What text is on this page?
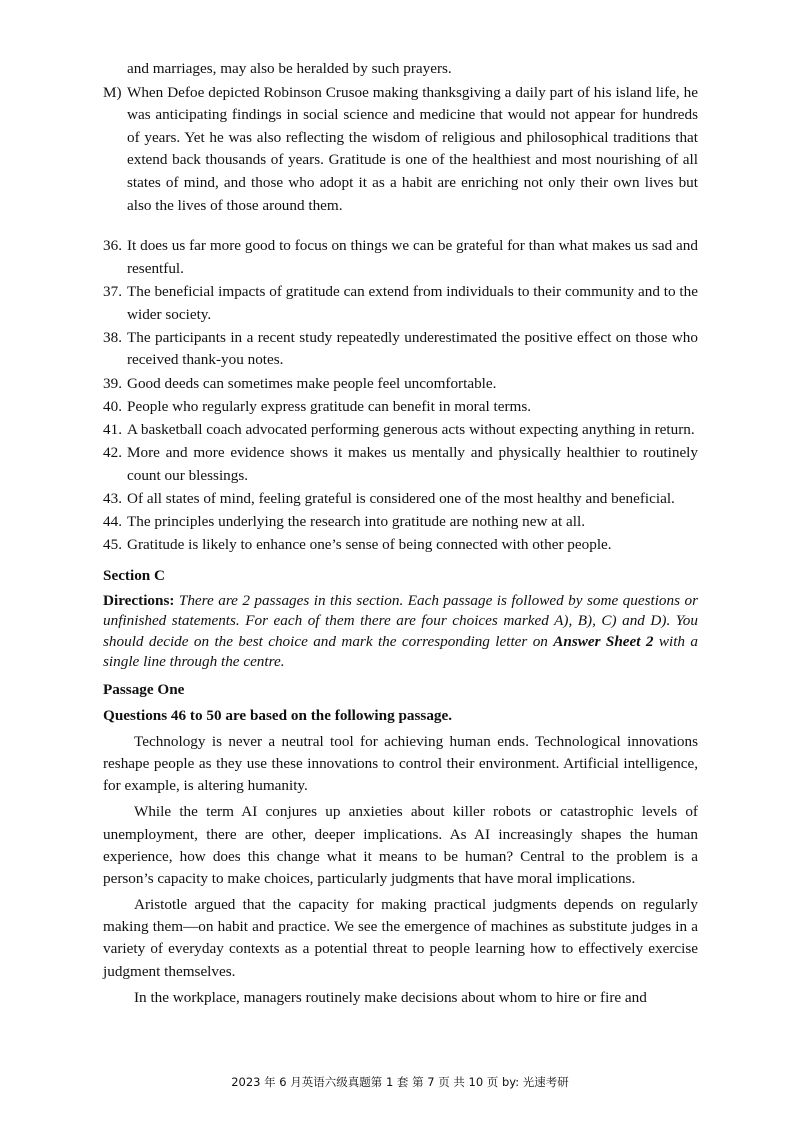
and marriages, may also be heralded by such prayers.

M) When Defoe depicted Robinson Crusoe making thanksgiving a daily part of his island life, he was anticipating findings in social science and medicine that would not appear for hundreds of years. Yet he was also reflecting the wisdom of religious and philosophical traditions that extend back thousands of years. Gratitude is one of the healthiest and most nourishing of all states of mind, and those who adopt it as a habit are enriching not only their own lives but also the lives of those around them.
36. It does us far more good to focus on things we can be grateful for than what makes us sad and resentful.
37. The beneficial impacts of gratitude can extend from individuals to their community and to the wider society.
38. The participants in a recent study repeatedly underestimated the positive effect on those who received thank-you notes.
39. Good deeds can sometimes make people feel uncomfortable.
40. People who regularly express gratitude can benefit in moral terms.
41. A basketball coach advocated performing generous acts without expecting anything in return.
42. More and more evidence shows it makes us mentally and physically healthier to routinely count our blessings.
43. Of all states of mind, feeling grateful is considered one of the most healthy and beneficial.
44. The principles underlying the research into gratitude are nothing new at all.
45. Gratitude is likely to enhance one’s sense of being connected with other people.
Section C

Directions: There are 2 passages in this section. Each passage is followed by some questions or unfinished statements. For each of them there are four choices marked A), B), C) and D). You should decide on the best choice and mark the corresponding letter on Answer Sheet 2 with a single line through the centre.

Passage One
Questions 46 to 50 are based on the following passage.

Technology is never a neutral tool for achieving human ends. Technological innovations reshape people as they use these innovations to control their environment. Artificial intelligence, for example, is altering humanity.

While the term AI conjures up anxieties about killer robots or catastrophic levels of unemployment, there are other, deeper implications. As AI increasingly shapes the human experience, how does this change what it means to be human? Central to the problem is a person’s capacity to make choices, particularly judgments that have moral implications.

Aristotle argued that the capacity for making practical judgments depends on regularly making them—on habit and practice. We see the emergence of machines as substitute judges in a variety of everyday contexts as a potential threat to people learning how to effectively exercise judgment themselves.

In the workplace, managers routinely make decisions about whom to hire or fire and

2023 年 6 月英语六级真题第 1 套 第 7 页 共 10 页 by: 光速考研
